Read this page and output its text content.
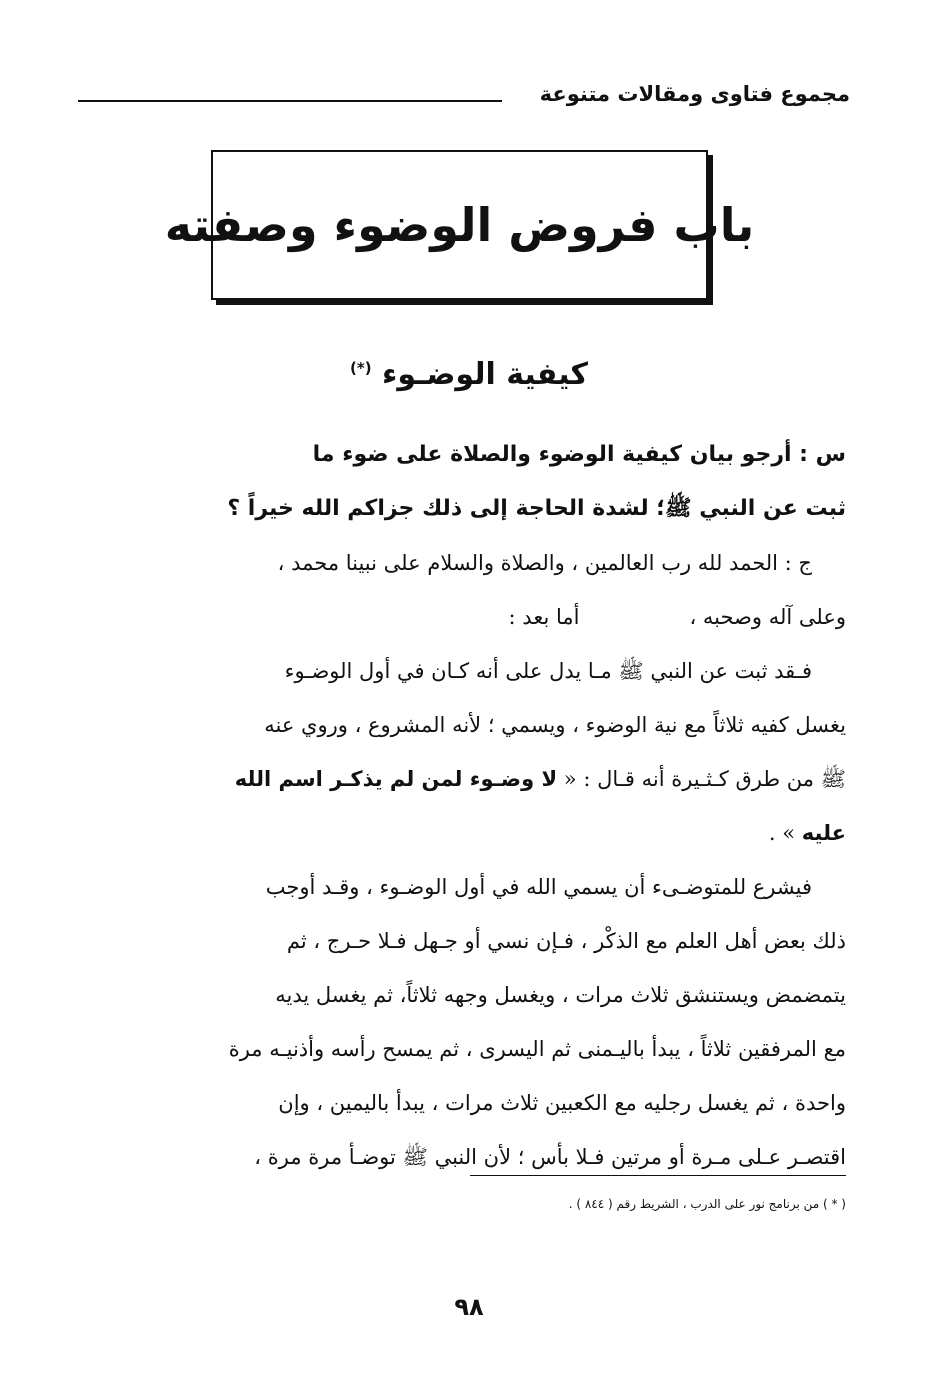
مجموع فتاوى ومقالات متنوعة
باب فروض الوضوء وصفته
كيفية الوضـوء (*)
س : أرجو بيان كيفية الوضوء والصلاة على ضوء ما
ثبت عن النبي ﷺ؛ لشدة الحاجة إلى ذلك جزاكم الله خيراً ؟
ج : الحمد لله رب العالمين ، والصلاة والسلام على نبينا محمد ،
وعلى آله وصحبه ،أما بعد :
فـقد ثبت عن النبي ﷺ مـا يدل على أنه كـان في أول الوضـوء
يغسل كفيه ثلاثاً مع نية الوضوء ، ويسمي ؛ لأنه المشروع ، وروي عنه
ﷺ من طرق كـثـيرة أنه قـال : « لا وضـوء لمن لم يذكـر اسم الله
عليه » .
فيشرع للمتوضـىء أن يسمي الله في أول الوضـوء ، وقـد أوجب
ذلك بعض أهل العلم مع الذكْر ، فـإن نسي أو جـهل فـلا حـرج ، ثم
يتمضمض ويستنشق ثلاث مرات ، ويغسل وجهه ثلاثاً، ثم يغسل يديه
مع المرفقين ثلاثاً ، يبدأ باليـمنى ثم اليسرى ، ثم يمسح رأسه وأذنيـه مرة
واحدة ، ثم يغسل رجليه مع الكعبين ثلاث مرات ، يبدأ باليمين ، وإن
اقتصـر عـلى مـرة أو مرتين فـلا بأس ؛ لأن النبي ﷺ توضـأ مرة مرة ،
( * ) من برنامج نور على الدرب ، الشريط رقم ( ٨٤٤ ) .
٩٨
